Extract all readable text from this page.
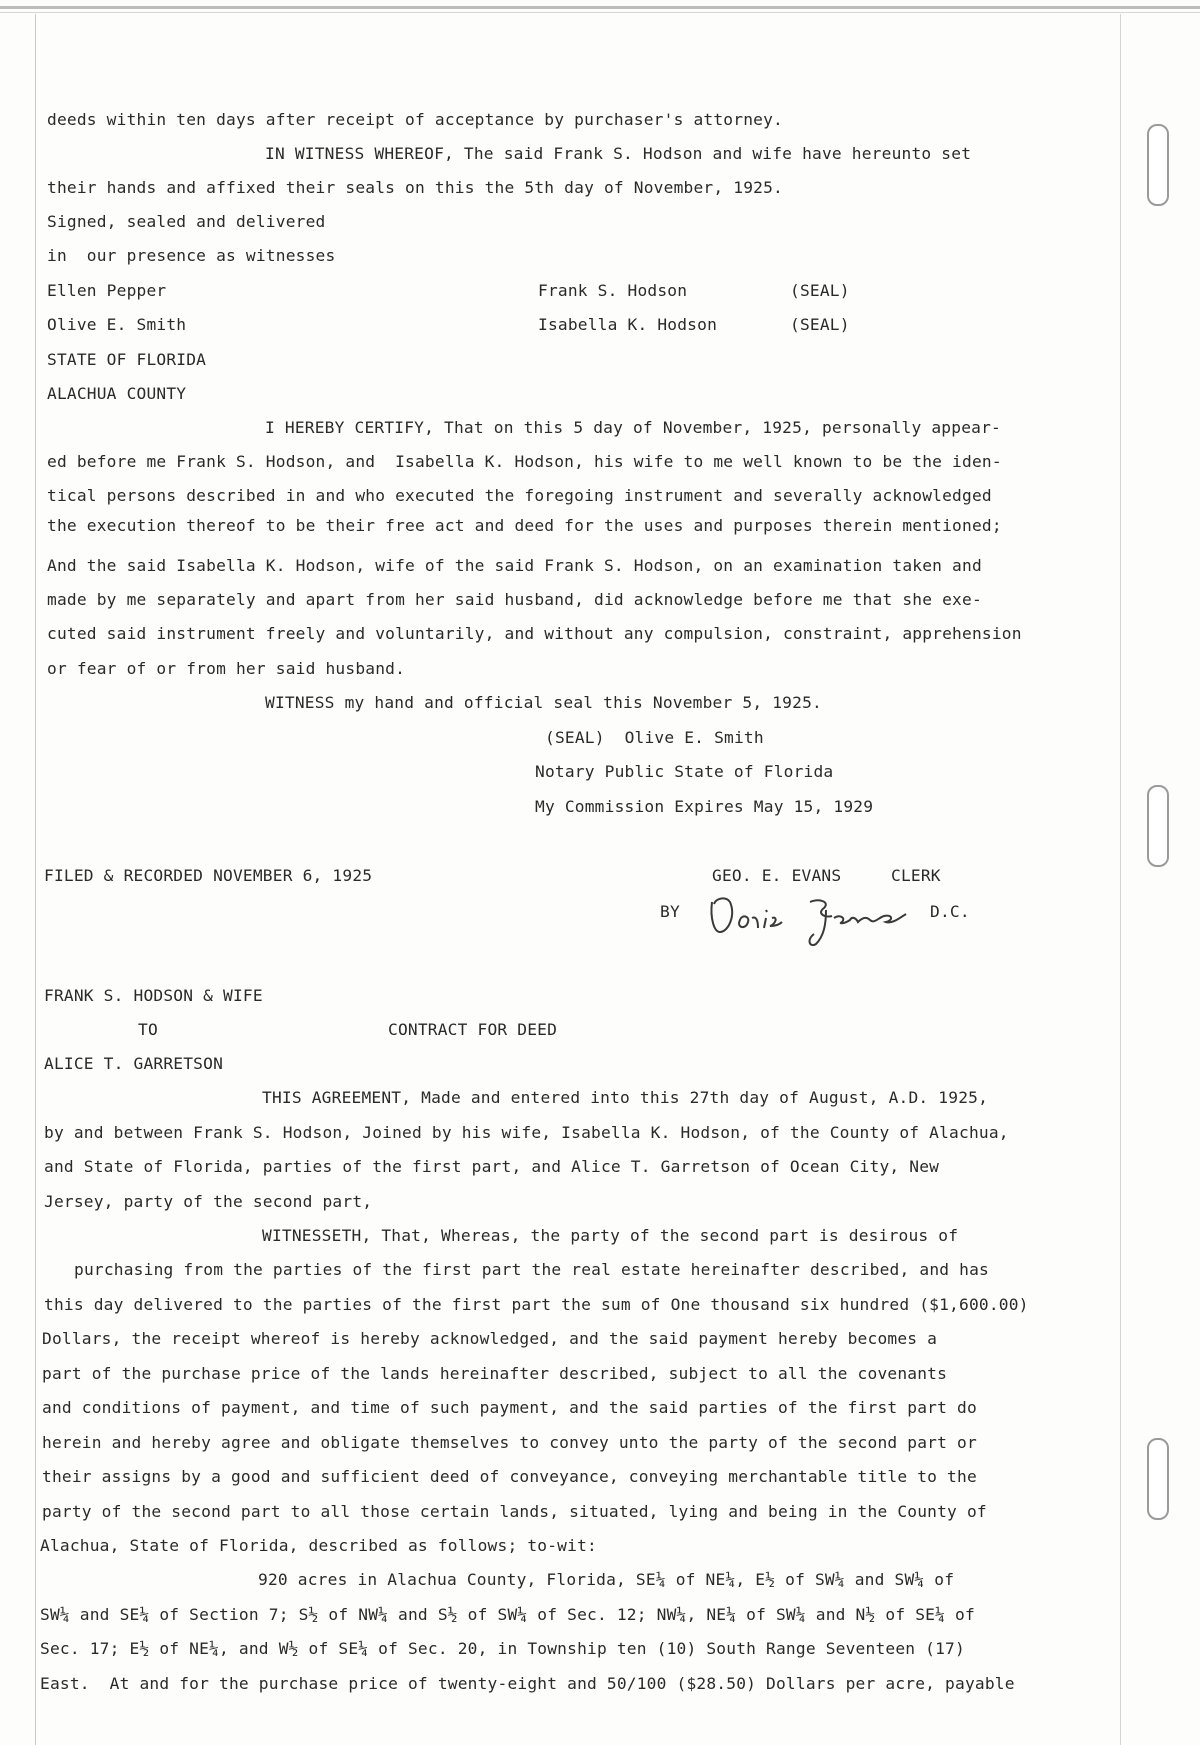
deeds within ten days after receipt of acceptance by purchaser's attorney.
IN WITNESS WHEREOF, The said Frank S. Hodson and wife have hereunto set
their hands and affixed their seals on this the 5th day of November, 1925.
Signed, sealed and delivered
in  our presence as witnesses
Ellen Pepper	Frank S. Hodson	(SEAL)
Olive E. Smith	Isabella K. Hodson	(SEAL)
STATE OF FLORIDA
ALACHUA COUNTY
I HEREBY CERTIFY, That on this 5 day of November, 1925, personally appear-
ed before me Frank S. Hodson, and  Isabella K. Hodson, his wife to me well known to be the iden-
tical persons described in and who executed the foregoing instrument and severally acknowledged
the execution thereof to be their free act and deed for the uses and purposes therein mentioned;
And the said Isabella K. Hodson, wife of the said Frank S. Hodson, on an examination taken and
made by me separately and apart from her said husband, did acknowledge before me that she exe-
cuted said instrument freely and voluntarily, and without any compulsion, constraint, apprehension
or fear of or from her said husband.
WITNESS my hand and official seal this November 5, 1925.
(SEAL)  Olive E. Smith
Notary Public State of Florida
My Commission Expires May 15, 1929
FILED & RECORDED NOVEMBER 6, 1925	GEO. E. EVANS     CLERK
BY	D.C.
FRANK S. HODSON & WIFE
TO	CONTRACT FOR DEED
ALICE T. GARRETSON
THIS AGREEMENT, Made and entered into this 27th day of August, A.D. 1925,
by and between Frank S. Hodson, Joined by his wife, Isabella K. Hodson, of the County of Alachua,
and State of Florida, parties of the first part, and Alice T. Garretson of Ocean City, New
Jersey, party of the second part,
WITNESSETH, That, Whereas, the party of the second part is desirous of
purchasing from the parties of the first part the real estate hereinafter described, and has
this day delivered to the parties of the first part the sum of One thousand six hundred ($1,600.00)
Dollars, the receipt whereof is hereby acknowledged, and the said payment hereby becomes a
part of the purchase price of the lands hereinafter described, subject to all the covenants
and conditions of payment, and time of such payment, and the said parties of the first part do
herein and hereby agree and obligate themselves to convey unto the party of the second part or
their assigns by a good and sufficient deed of conveyance, conveying merchantable title to the
party of the second part to all those certain lands, situated, lying and being in the County of
Alachua, State of Florida, described as follows; to-wit:
920 acres in Alachua County, Florida, SE¼ of NE¼, E½ of SW¼ and SW¼ of
SW¼ and SE¼ of Section 7; S½ of NW¼ and S½ of SW¼ of Sec. 12; NW¼, NE¼ of SW¼ and N½ of SE¼ of
Sec. 17; E½ of NE¼, and W½ of SE¼ of Sec. 20, in Township ten (10) South Range Seventeen (17)
East.  At and for the purchase price of twenty-eight and 50/100 ($28.50) Dollars per acre, payable
